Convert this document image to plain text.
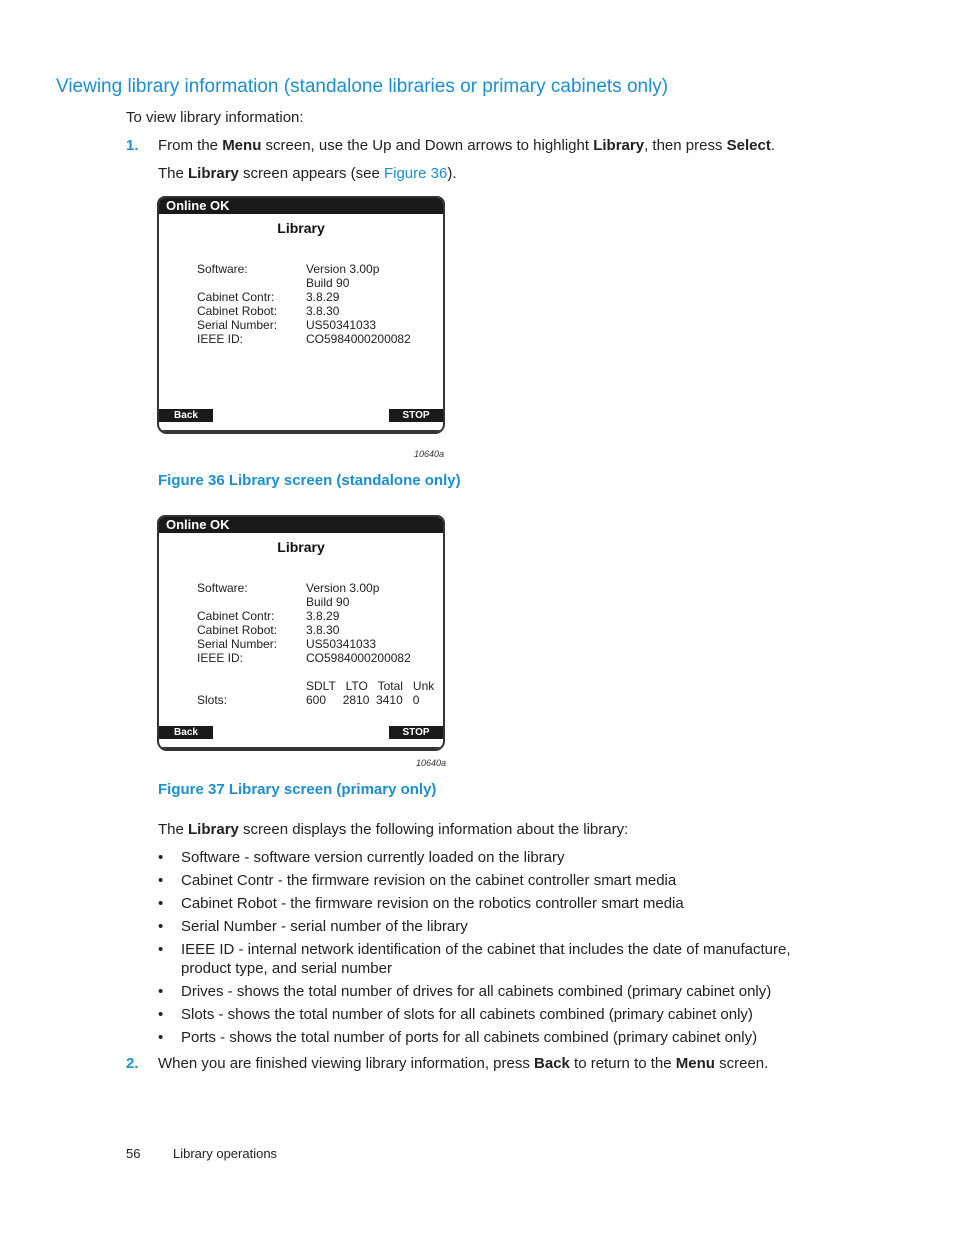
Viewing library information (standalone libraries or primary cabinets only)
To view library information:
1. From the Menu screen, use the Up and Down arrows to highlight Library, then press Select.
The Library screen appears (see Figure 36).
Online OK
Library
Software:	Version 3.00p
Build 90
Cabinet Contr:	3.8.29
Cabinet Robot: 3.8.30
Serial Number: US50341033
IEEE ID:	CO5984000200082
Back	STOP
10640a
Figure 36 Library screen (standalone only)
Online OK
Library
Software:	Version 3.00p
Build 90
Cabinet Contr:	3.8.29
Cabinet Robot: 3.8.30
Serial Number: US50341033
IEEE ID:	CO5984000200082
SDLT   LTO   Total   Unk
Slots:	600     2810  3410   0
Back	STOP
10640a
Figure 37 Library screen (primary only)
The Library screen displays the following information about the library:
• Software - software version currently loaded on the library
• Cabinet Contr - the firmware revision on the cabinet controller smart media
• Cabinet Robot - the firmware revision on the robotics controller smart media
• Serial Number - serial number of the library
• IEEE ID - internal network identification of the cabinet that includes the date of manufacture, product type, and serial number
• Drives - shows the total number of drives for all cabinets combined (primary cabinet only)
• Slots - shows the total number of slots for all cabinets combined (primary cabinet only)
• Ports - shows the total number of ports for all cabinets combined (primary cabinet only)
2. When you are finished viewing library information, press Back to return to the Menu screen.
56	Library operations
